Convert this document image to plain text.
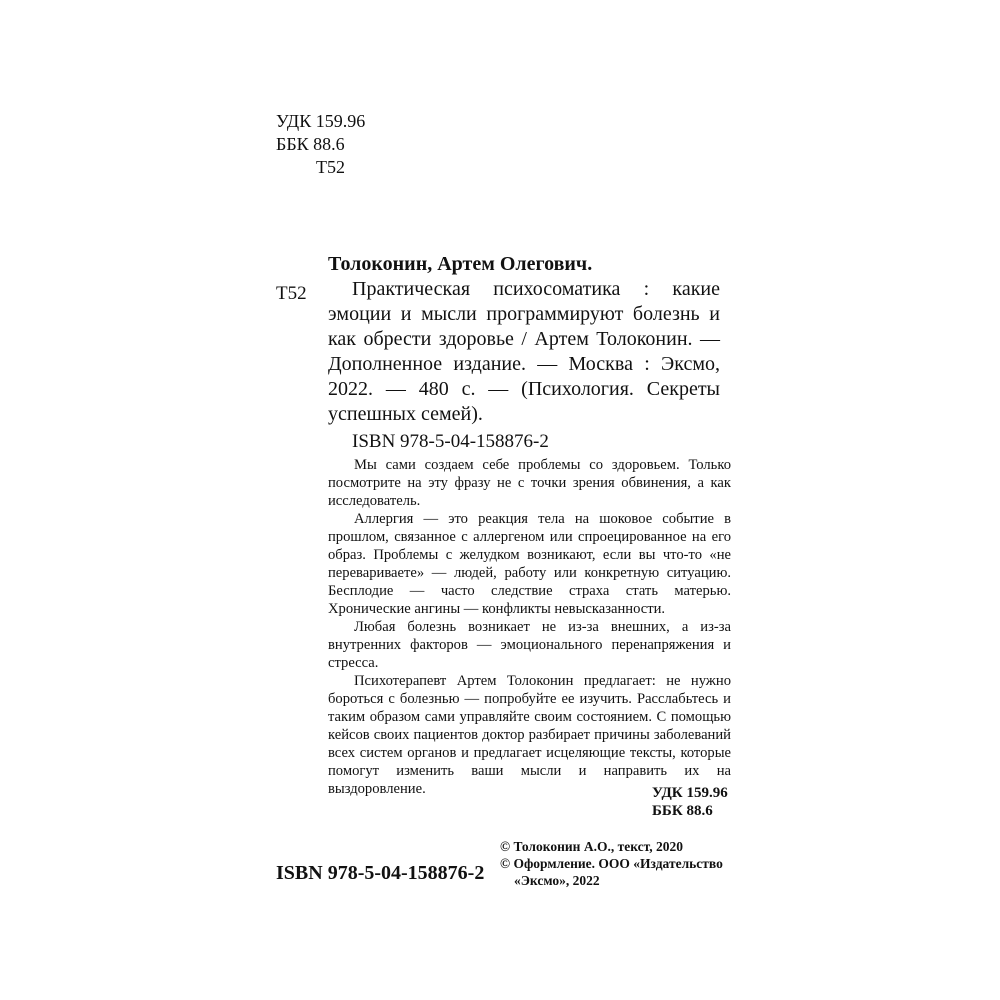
УДК 159.96
ББК 88.6
Т52
Толоконин, Артем Олегович.
Т52	Практическая психосоматика : какие эмоции и мысли программируют болезнь и как обрести здоровье / Артем Толоконин. — Дополненное издание. — Москва : Эксмо, 2022. — 480 с. — (Психология. Секреты успешных семей).
ISBN 978-5-04-158876-2

Мы сами создаем себе проблемы со здоровьем. Только посмотрите на эту фразу не с точки зрения обвинения, а как исследователь.

Аллергия — это реакция тела на шоковое событие в прошлом, связанное с аллергеном или спроецированное на его образ. Проблемы с желудком возникают, если вы что-то «не перевариваете» — людей, работу или конкретную ситуацию. Бесплодие — часто следствие страха стать матерью. Хронические ангины — конфликты невысказанности.

Любая болезнь возникает не из-за внешних, а из-за внутренних факторов — эмоционального перенапряжения и стресса.

Психотерапевт Артем Толоконин предлагает: не нужно бороться с болезнью — попробуйте ее изучить. Расслабьтесь и таким образом сами управляйте своим состоянием. С помощью кейсов своих пациентов доктор разбирает причины заболеваний всех систем органов и предлагает исцеляющие тексты, которые помогут изменить ваши мысли и направить их на выздоровление.	УДК 159.96
ББК 88.6
© Толоконин А.О., текст, 2020
© Оформление. ООО «Издательство
«Эксмо», 2022
ISBN 978-5-04-158876-2
